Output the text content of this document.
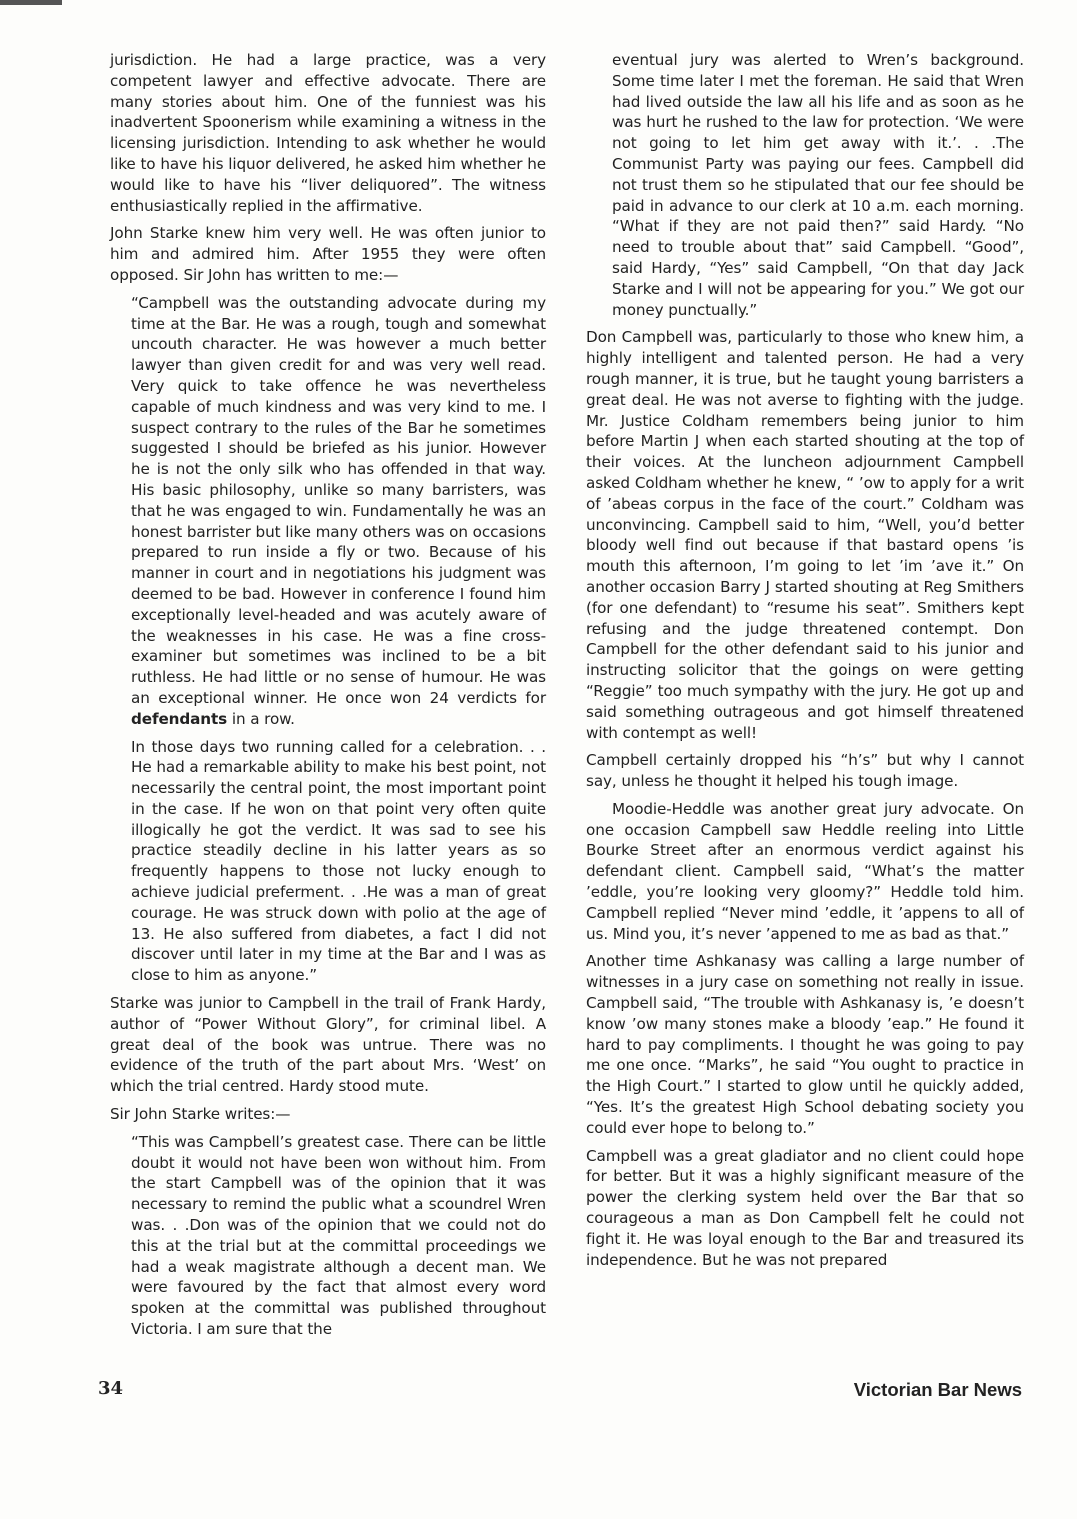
jurisdiction. He had a large practice, was a very competent lawyer and effective advocate. There are many stories about him. One of the funniest was his inadvertent Spoonerism while examining a witness in the licensing jurisdiction. Intending to ask whether he would like to have his liquor delivered, he asked him whether he would like to have his “liver deliquored”. The witness enthusiastically replied in the affirmative.

John Starke knew him very well. He was often junior to him and admired him. After 1955 they were often opposed. Sir John has written to me:—

“Campbell was the outstanding advocate during my time at the Bar. He was a rough, tough and somewhat uncouth character. He was however a much better lawyer than given credit for and was very well read. Very quick to take offence he was nevertheless capable of much kindness and was very kind to me. I suspect contrary to the rules of the Bar he sometimes suggested I should be briefed as his junior. However he is not the only silk who has offended in that way. His basic philosophy, unlike so many barristers, was that he was engaged to win. Fundamentally he was an honest barrister but like many others was on occasions prepared to run inside a fly or two. Because of his manner in court and in negotiations his judgment was deemed to be bad. However in conference I found him exceptionally level-headed and was acutely aware of the weaknesses in his case. He was a fine cross-examiner but sometimes was inclined to be a bit ruthless. He had little or no sense of humour. He was an exceptional winner. He once won 24 verdicts for defendants in a row.

In those days two running called for a celebration. . . He had a remarkable ability to make his best point, not necessarily the central point, the most important point in the case. If he won on that point very often quite illogically he got the verdict. It was sad to see his practice steadily decline in his latter years as so frequently happens to those not lucky enough to achieve judicial preferment. . .He was a man of great courage. He was struck down with polio at the age of 13. He also suffered from diabetes, a fact I did not discover until later in my time at the Bar and I was as close to him as anyone.”

Starke was junior to Campbell in the trail of Frank Hardy, author of “Power Without Glory”, for criminal libel. A great deal of the book was untrue. There was no evidence of the truth of the part about Mrs. ‘West’ on which the trial centred. Hardy stood mute.

Sir John Starke writes:—

“This was Campbell’s greatest case. There can be little doubt it would not have been won without him. From the start Campbell was of the opinion that it was necessary to remind the public what a scoundrel Wren was. . .Don was of the opinion that we could not do this at the trial but at the committal proceedings we had a weak magistrate although a decent man. We were favoured by the fact that almost every word spoken at the committal was published throughout Victoria. I am sure that the

eventual jury was alerted to Wren’s background. Some time later I met the foreman. He said that Wren had lived outside the law all his life and as soon as he was hurt he rushed to the law for protection. ‘We were not going to let him get away with it.’. . .The Communist Party was paying our fees. Campbell did not trust them so he stipulated that our fee should be paid in advance to our clerk at 10 a.m. each morning. “What if they are not paid then?” said Hardy. “No need to trouble about that” said Campbell. “Good”, said Hardy, “Yes” said Campbell, “On that day Jack Starke and I will not be appearing for you.” We got our money punctually.”

Don Campbell was, particularly to those who knew him, a highly intelligent and talented person. He had a very rough manner, it is true, but he taught young barristers a great deal. He was not averse to fighting with the judge. Mr. Justice Coldham remembers being junior to him before Martin J when each started shouting at the top of their voices. At the luncheon adjournment Campbell asked Coldham whether he knew, “ ’ow to apply for a writ of ’abeas corpus in the face of the court.” Coldham was unconvincing. Campbell said to him, “Well, you’d better bloody well find out because if that bastard opens ’is mouth this afternoon, I’m going to let ’im ’ave it.” On another occasion Barry J started shouting at Reg Smithers (for one defendant) to “resume his seat”. Smithers kept refusing and the judge threatened contempt. Don Campbell for the other defendant said to his junior and instructing solicitor that the goings on were getting “Reggie” too much sympathy with the jury. He got up and said something outrageous and got himself threatened with contempt as well!

Campbell certainly dropped his “h’s” but why I cannot say, unless he thought it helped his tough image.

Moodie-Heddle was another great jury advocate. On one occasion Campbell saw Heddle reeling into Little Bourke Street after an enormous verdict against his defendant client. Campbell said, “What’s the matter ’eddle, you’re looking very gloomy?” Heddle told him. Campbell replied “Never mind ’eddle, it ’appens to all of us. Mind you, it’s never ’appened to me as bad as that.”

Another time Ashkanasy was calling a large number of witnesses in a jury case on something not really in issue. Campbell said, “The trouble with Ashkanasy is, ’e doesn’t know ’ow many stones make a bloody ’eap.” He found it hard to pay compliments. I thought he was going to pay me one once. “Marks”, he said “You ought to practice in the High Court.” I started to glow until he quickly added, “Yes. It’s the greatest High School debating society you could ever hope to belong to.”

Campbell was a great gladiator and no client could hope for better. But it was a highly significant measure of the power the clerking system held over the Bar that so courageous a man as Don Campbell felt he could not fight it. He was loyal enough to the Bar and treasured its independence. But he was not prepared

34	Victorian Bar News
